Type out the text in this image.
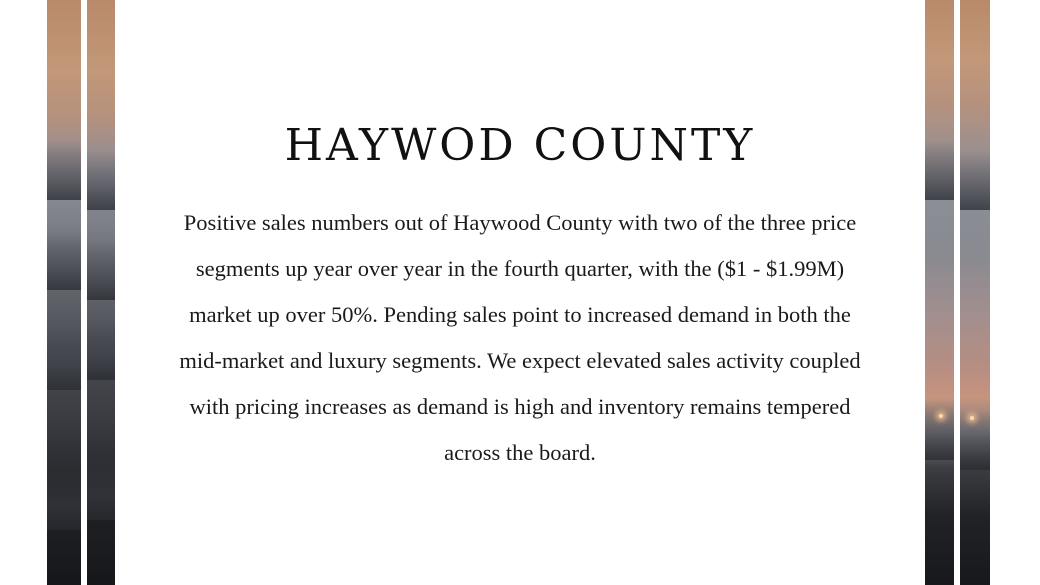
HAYWOD COUNTY

Positive sales numbers out of Haywood County with two of the three price segments up year over year in the fourth quarter, with the ($1 - $1.99M) market up over 50%. Pending sales point to increased demand in both the mid-market and luxury segments. We expect elevated sales activity coupled with pricing increases as demand is high and inventory remains tempered across the board.
